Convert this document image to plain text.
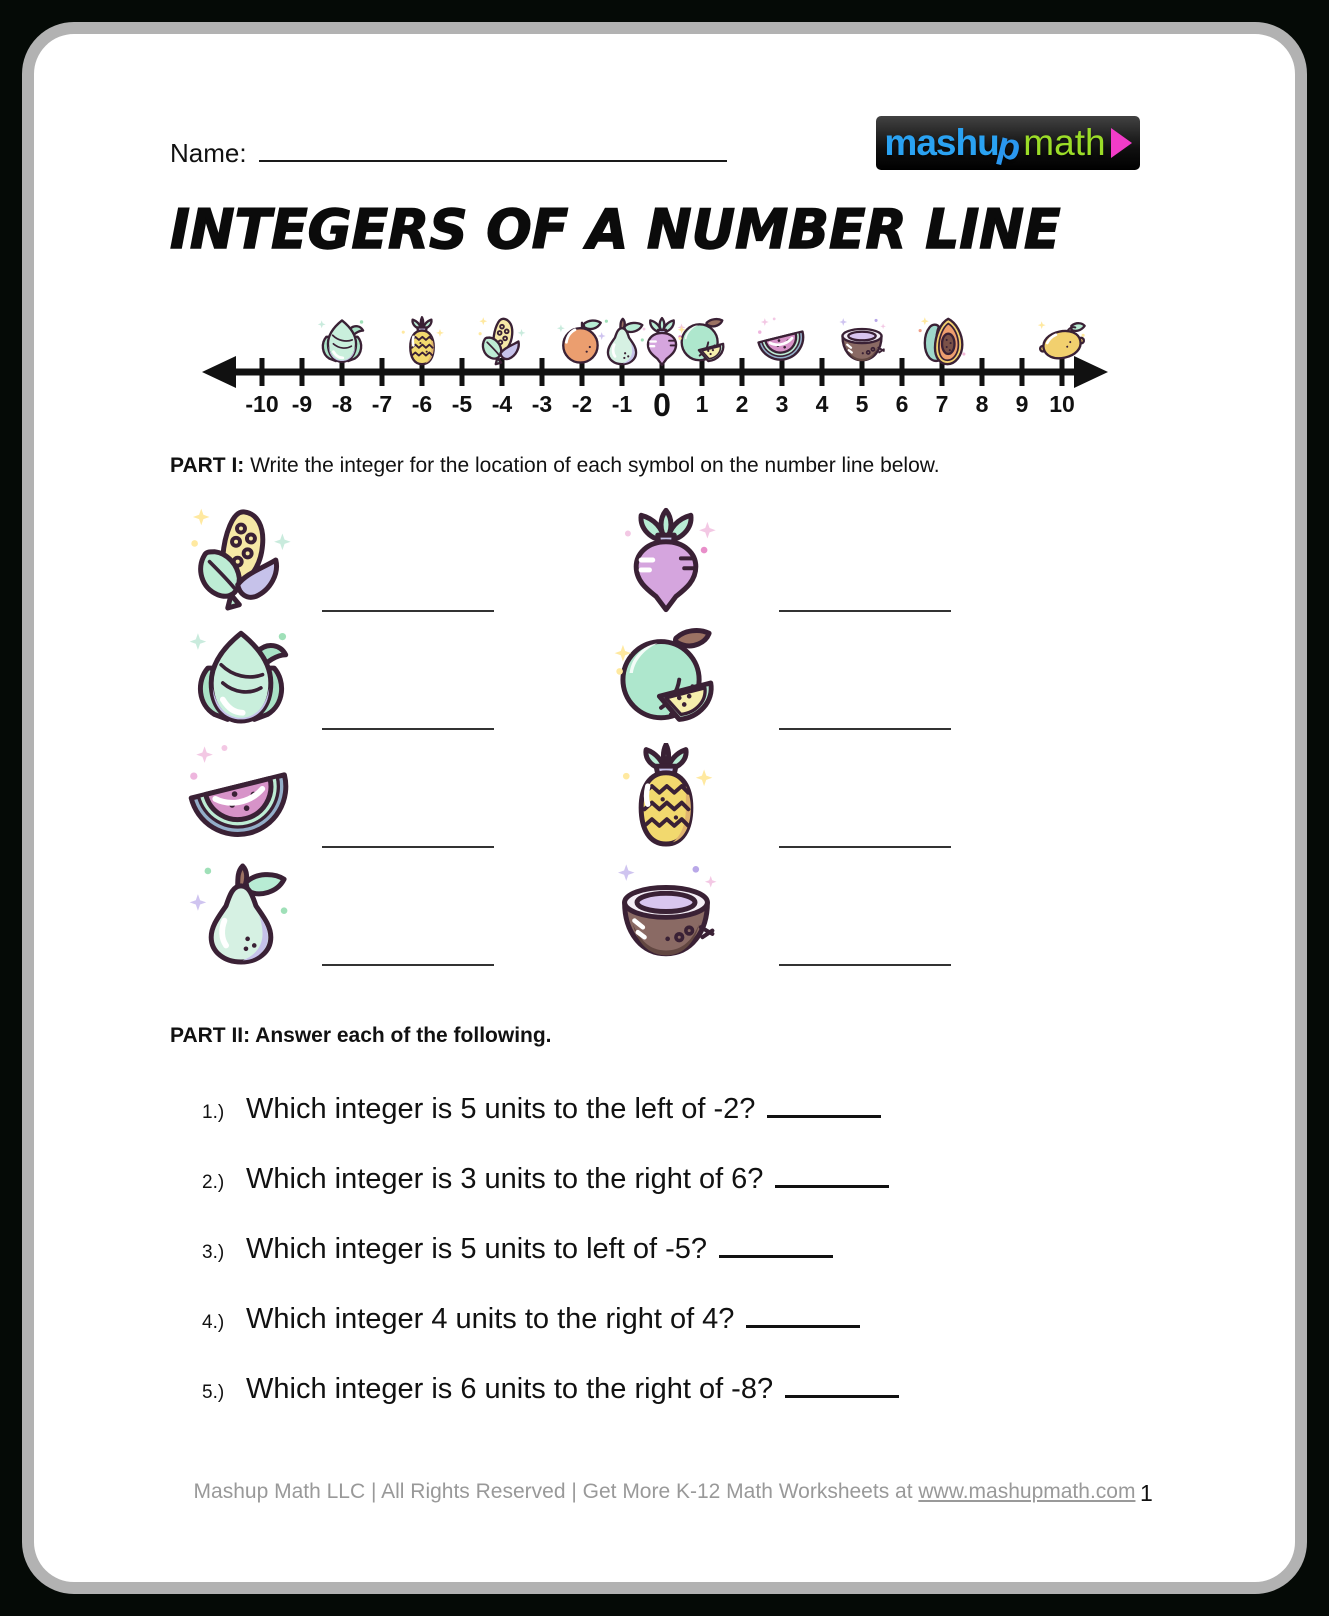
Name:	mashu
p
math
INTEGERS OF A NUMBER LINE
-10 -9 -8 -7 -6 -5 -4 -3 -2 -1 0 1 2 3 4 5 6 7 8 9 10
PART I: Write the integer for the location of each symbol on the number line below.
PART II: Answer each of the following.
1.) Which integer is 5 units to the left of -2?
2.) Which integer is 3 units to the right of 6?
3.) Which integer is 5 units to left of -5?
4.) Which integer 4 units to the right of 4?
5.) Which integer is 6 units to the right of -8?
Mashup Math LLC | All Rights Reserved | Get More K-12 Math Worksheets at www.mashupmath.com 1
